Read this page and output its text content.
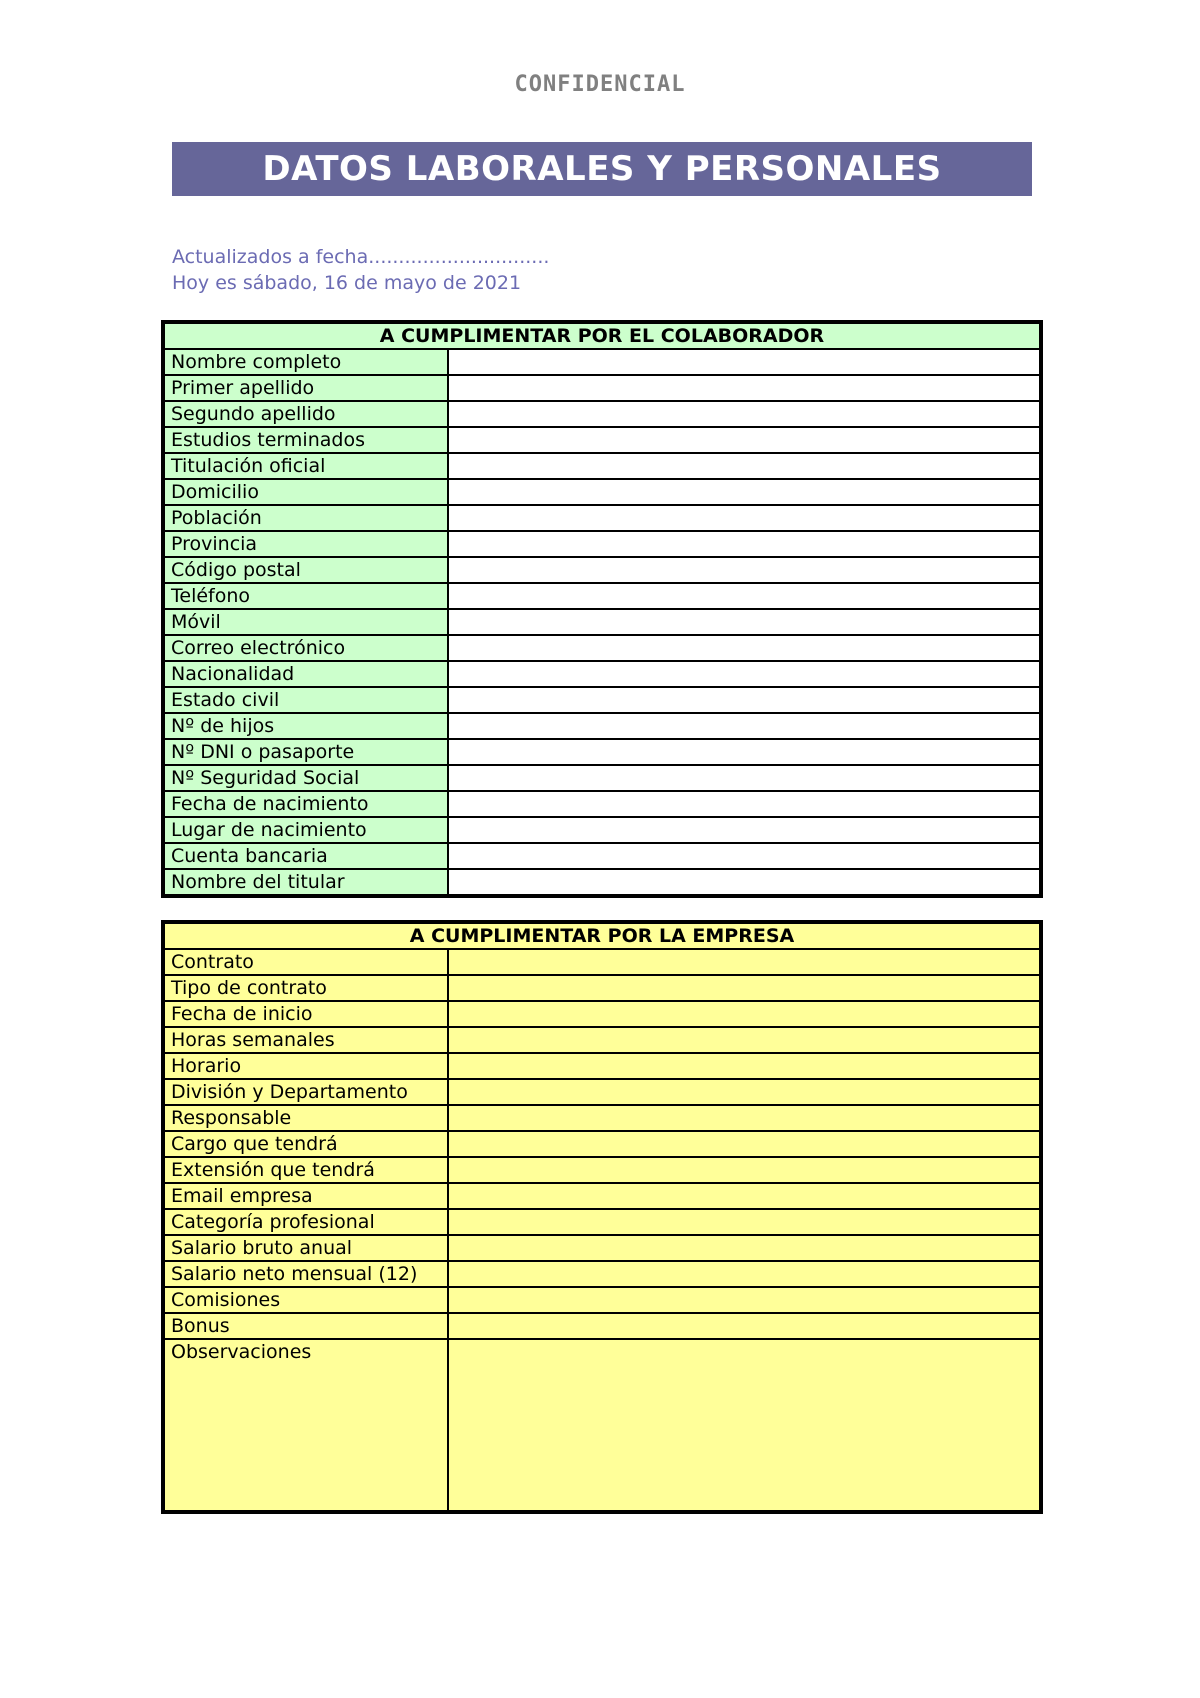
CONFIDENCIAL
DATOS LABORALES Y PERSONALES
Actualizados a fecha..............................
Hoy es sábado, 16 de mayo de 2021
A CUMPLIMENTAR POR EL COLABORADOR
Nombre completo
Primer apellido
Segundo apellido
Estudios terminados
Titulación oficial
Domicilio
Población
Provincia
Código postal
Teléfono
Móvil
Correo electrónico
Nacionalidad
Estado civil
Nº de hijos
Nº DNI o pasaporte
Nº Seguridad Social
Fecha de nacimiento
Lugar de nacimiento
Cuenta bancaria
Nombre del titular
A CUMPLIMENTAR POR LA EMPRESA
Contrato
Tipo de contrato
Fecha de inicio
Horas semanales
Horario
División y Departamento
Responsable
Cargo que tendrá
Extensión que tendrá
Email empresa
Categoría profesional
Salario bruto anual
Salario neto mensual (12)
Comisiones
Bonus
Observaciones
